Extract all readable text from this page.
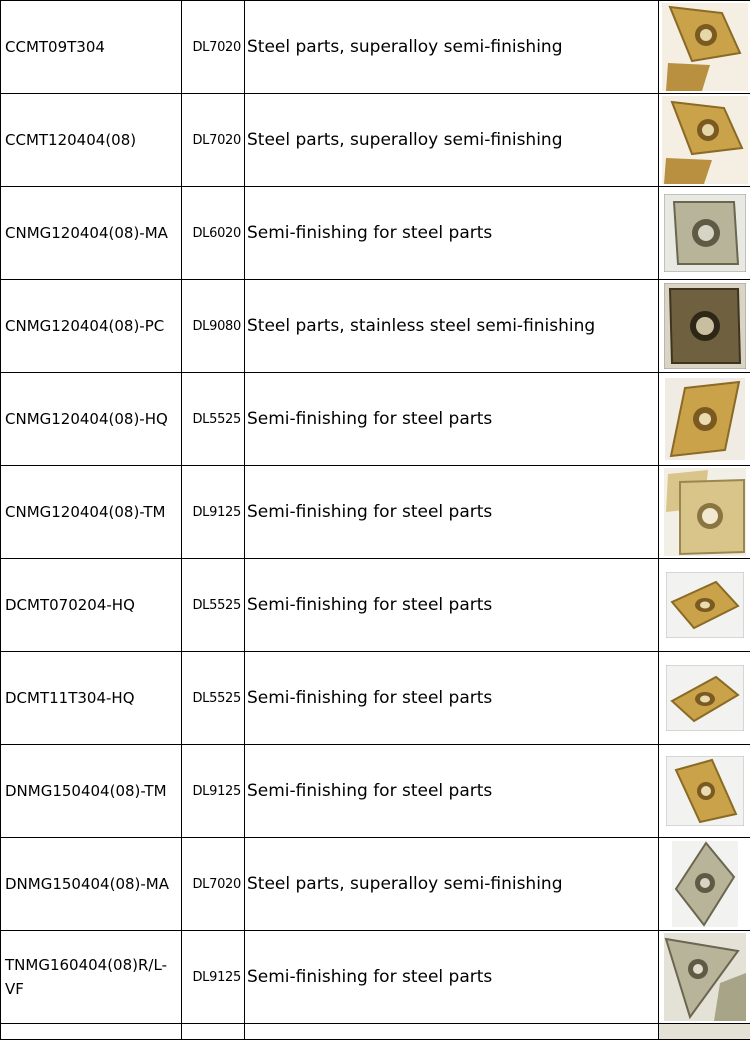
CCMT09T304	DL7020	Steel parts, superalloy semi-finishing	

CCMT120404(08)	DL7020	Steel parts, superalloy semi-finishing	

CNMG120404(08)-MA	DL6020	Semi-finishing for steel parts	

CNMG120404(08)-PC	DL9080	Steel parts, stainless steel semi-finishing	

CNMG120404(08)-HQ	DL5525	Semi-finishing for steel parts	

CNMG120404(08)-TM	DL9125	Semi-finishing for steel parts	

DCMT070204-HQ	DL5525	Semi-finishing for steel parts	

DCMT11T304-HQ	DL5525	Semi-finishing for steel parts	

DNMG150404(08)-TM	DL9125	Semi-finishing for steel parts	

DNMG150404(08)-MA	DL7020	Steel parts, superalloy semi-finishing	

TNMG160404(08)R/L-VF	DL9125	Semi-finishing for steel parts	
